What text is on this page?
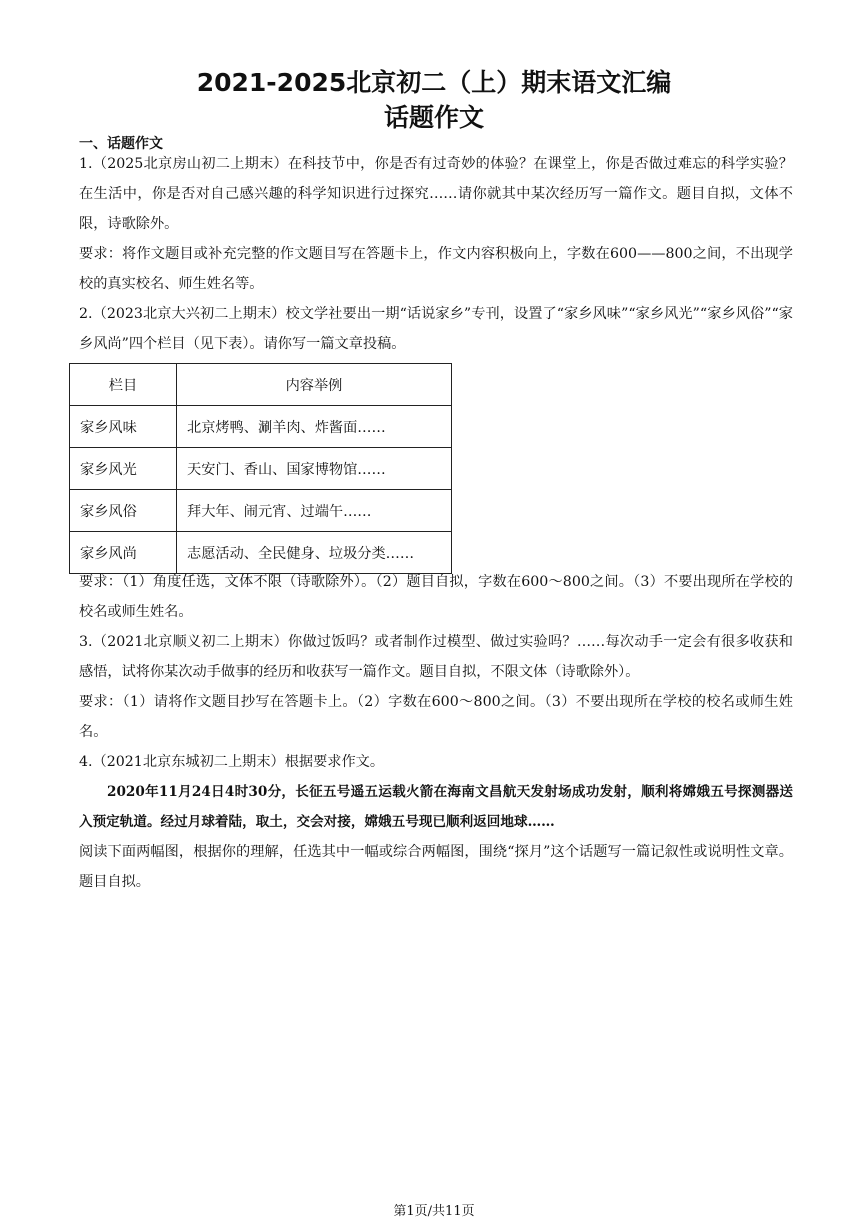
2021-2025北京初二（上）期末语文汇编
话题作文
一、话题作文
1.（2025北京房山初二上期末）在科技节中，你是否有过奇妙的体验？在课堂上，你是否做过难忘的科学实验？在生活中，你是否对自己感兴趣的科学知识进行过探究……请你就其中某次经历写一篇作文。题目自拟，文体不限，诗歌除外。
要求：将作文题目或补充完整的作文题目写在答题卡上，作文内容积极向上，字数在600——800之间，不出现学校的真实校名、师生姓名等。
2.（2023北京大兴初二上期末）校文学社要出一期“话说家乡”专刊，设置了“家乡风味”“家乡风光”“家乡风俗”“家乡风尚”四个栏目（见下表）。请你写一篇文章投稿。
栏目	内容举例
家乡风味	北京烤鸭、涮羊肉、炸酱面……
家乡风光	天安门、香山、国家博物馆……
家乡风俗	拜大年、闹元宵、过端午……
家乡风尚	志愿活动、全民健身、垃圾分类……
要求：（1）角度任选，文体不限（诗歌除外）。（2）题目自拟，字数在600～800之间。（3）不要出现所在学校的校名或师生姓名。
3.（2021北京顺义初二上期末）你做过饭吗？或者制作过模型、做过实验吗？……每次动手一定会有很多收获和感悟，试将你某次动手做事的经历和收获写一篇作文。题目自拟，不限文体（诗歌除外）。
要求：（1）请将作文题目抄写在答题卡上。（2）字数在600～800之间。（3）不要出现所在学校的校名或师生姓名。
4.（2021北京东城初二上期末）根据要求作文。
2020年11月24日4时30分，长征五号遥五运载火箭在海南文昌航天发射场成功发射，顺利将嫦娥五号探测器送入预定轨道。经过月球着陆，取土，交会对接，嫦娥五号现已顺利返回地球……
阅读下面两幅图，根据你的理解，任选其中一幅或综合两幅图，围绕“探月”这个话题写一篇记叙性或说明性文章。题目自拟。
第1页/共11页
